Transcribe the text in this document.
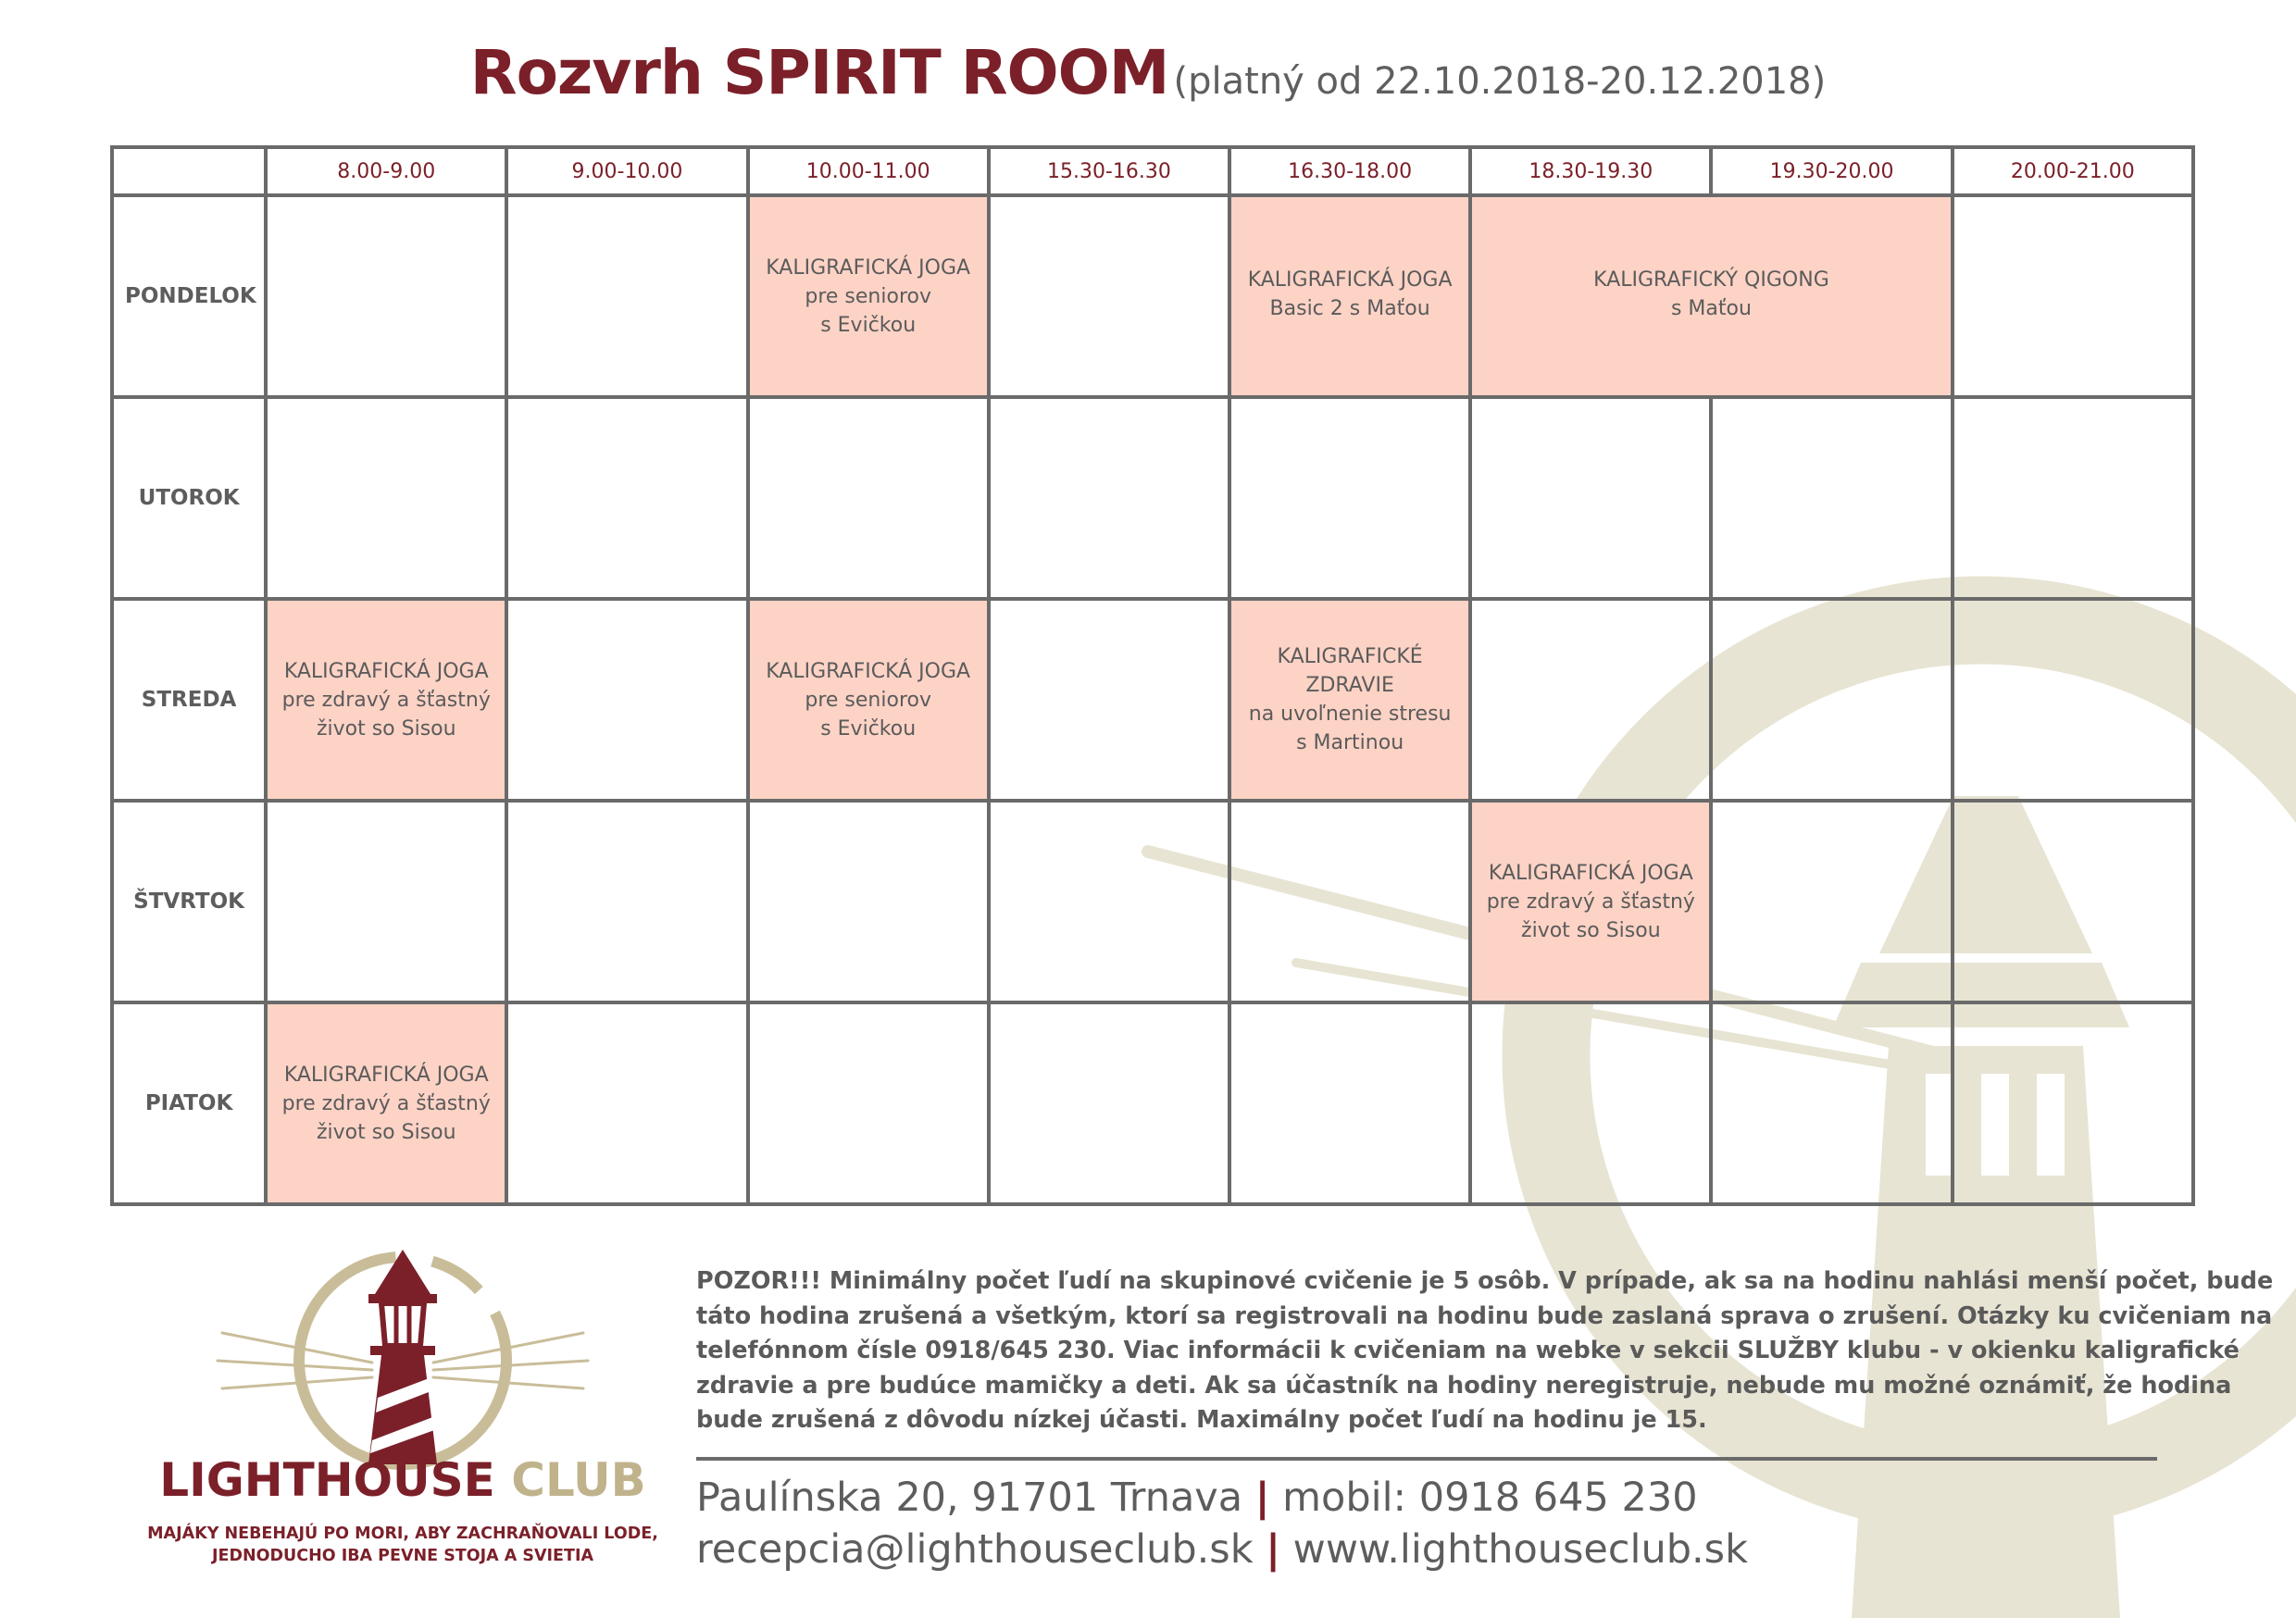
Rozvrh SPIRIT ROOM (platný od 22.10.2018-20.12.2018)
	8.00-9.00	9.00-10.00	10.00-11.00	15.30-16.30	16.30-18.00	18.30-19.30	19.30-20.00	20.00-21.00
PONDELOK			KALIGRAFICKÁ JOGA
pre seniorov
s Evičkou		KALIGRAFICKÁ JOGA
Basic 2 s Maťou	KALIGRAFICKÝ QIGONG
s Maťou		

UTOROK								
STREDA	KALIGRAFICKÁ JOGA
pre zdravý a šťastný
život so Sisou		KALIGRAFICKÁ JOGA
pre seniorov
s Evičkou		KALIGRAFICKÉ
ZDRAVIE
na uvoľnenie stresu
s Martinou			

ŠTVRTOK						KALIGRAFICKÁ JOGA
pre zdravý a šťastný
život so Sisou		

PIATOK	KALIGRAFICKÁ JOGA
pre zdravý a šťastný
život so Sisou							

LIGHTHOUSE CLUB
MAJÁKY NEBEHAJÚ PO MORI, ABY ZACHRAŇOVALI LODE,
JEDNODUCHO IBA PEVNE STOJA A SVIETIA
POZOR!!! Minimálny počet ľudí na skupinové cvičenie je 5 osôb. V prípade, ak sa na hodinu nahlási menší počet, bude
táto hodina zrušená a všetkým, ktorí sa registrovali na hodinu bude zaslaná sprava o zrušení. Otázky ku cvičeniam na
telefónnom čísle 0918/645 230. Viac informácii k cvičeniam na webke v sekcii SLUŽBY klubu - v okienku kaligrafické
zdravie a pre budúce mamičky a deti. Ak sa účastník na hodiny neregistruje, nebude mu možné oznámiť, že hodina
bude zrušená z dôvodu nízkej účasti. Maximálny počet ľudí na hodinu je 15.
Paulínska 20, 91701 Trnava | mobil: 0918 645 230
recepcia@lighthouseclub.sk | www.lighthouseclub.sk
